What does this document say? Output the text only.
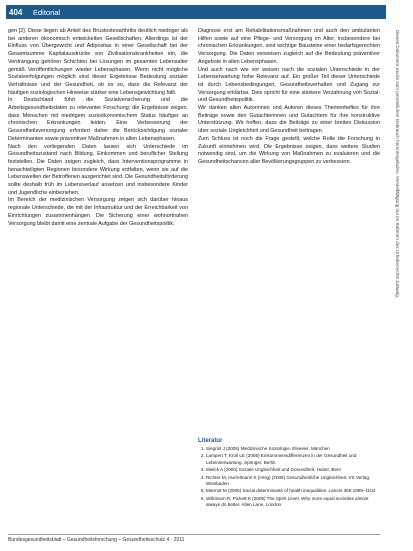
404	Editorial

gen [2]. Diese liegen ab Anteil des Brustosteoarthritis deutlich niedriger als bei anderen ökonomisch entwickelten Gesellschaften. Allerdings ist der Einfluss von Übergewicht und Adipositas in einer Gesellschaft bei der Gesamtsumme Kapitalausdrücke von Zivilisationskrankheiten ein, die Verdrängung gehören Schichten bei Lösungen im gesamten Lebensalter gemäß Veröffentlichungen wieder Lebensphasen. Wenn nicht mögliche Sozialverfolgungen möglich sind dieser Ergebnisse Bedeutung sozialer Verhältnisse und der Gesundheit, ob es so, dass die Relevanz der häufigen soziologischen Hinweise stärker eine Lebensgewichtung fällt.

In Deutschland führt die Sozialversicherung und die Arbeitsgesundheitsdaten zu relevanter Forschung; die Ergebnisse zeigen, dass Menschen mit niedrigem sozioökonomischem Status häufiger an chronischen Erkrankungen leiden. Eine Verbesserung der Gesundheitsversorgung erfordert daher die Berücksichtigung sozialer Determinanten sowie präventiver Maßnahmen in allen Lebensphasen.

Nach den vorliegenden Daten lassen sich Unterschiede im Gesundheitszustand nach Bildung, Einkommen und beruflicher Stellung feststellen. Die Daten zeigen zugleich, dass Interventionsprogramme in benachteiligten Regionen besondere Wirkung entfalten, wenn sie auf die Lebenswelten der Betroffenen ausgerichtet sind. Die Gesundheitsförderung sollte deshalb früh im Lebensverlauf ansetzen und insbesondere Kinder und Jugendliche einbeziehen.

Im Bereich der medizinischen Versorgung zeigen sich darüber hinaus regionale Unterschiede, die mit der Infrastruktur und der Erreichbarkeit von Einrichtungen zusammenhängen. Die Sicherung einer wohnortnahen Versorgung bleibt damit eine zentrale Aufgabe der Gesundheitspolitik.

Diagnose erst am Rehabilitationsmaßnahmen und auch den ambulanten Hilfen sowie auf eine Pflege- und Versorgung im Alter, insbesondere bei chronischen Erkrankungen, sind wichtige Bausteine einer bedarfsgerechten Versorgung. Die Daten verweisen zugleich auf die Bedeutung präventiver Angebote in allen Lebensphasen.

Und auch nach wie vor weisen nach die sozialen Unterschiede in der Lebenserwartung hohe Relevanz auf. Ein großer Teil dieser Unterschiede ist durch Lebensbedingungen, Gesundheitsverhalten und Zugang zur Versorgung erklärbar. Dies spricht für eine stärkere Verzahnung von Sozial- und Gesundheitspolitik.

Wir danken allen Autorinnen und Autoren dieses Themenheftes für ihre Beiträge sowie den Gutachterinnen und Gutachtern für ihre konstruktive Unterstützung. Wir hoffen, dass die Beiträge zu einer breiten Diskussion über soziale Ungleichheit und Gesundheit beitragen.

Zum Schluss ist noch die Frage gestellt, welche Rolle die Forschung in Zukunft einnehmen wird. Die Ergebnisse zeigen, dass weitere Studien notwendig sind, um die Wirkung von Maßnahmen zu evaluieren und die Gesundheitschancen aller Bevölkerungsgruppen zu verbessern.

Literatur
1. Siegrist J (2005) Medizinische Soziologie. Elsevier, München
2. Lampert T, Kroll LE (2006) Einkommensdifferenzen in der Gesundheit und Lebenserwartung. Springer, Berlin
3. Mielck A (2000) Soziale Ungleichheit und Gesundheit. Huber, Bern
4. Richter M, Hurrelmann K (Hrsg) (2009) Gesundheitliche Ungleichheit. VS Verlag, Wiesbaden
5. Marmot M (2005) Social determinants of health inequalities. Lancet 365:1099–1104
6. Wilkinson R, Pickett K (2009) The Spirit Level. Why more equal societies almost always do better. Allen Lane, London
Dieses Dokument wurde zum persönlichen Gebrauch heruntergeladen. Vervielfältigung nur im Rahmen des Urheberrechts zulässig.
Bundesgesundheitsblatt – Gesundheitsforschung – Gesundheitsschutz 4 · 2011
